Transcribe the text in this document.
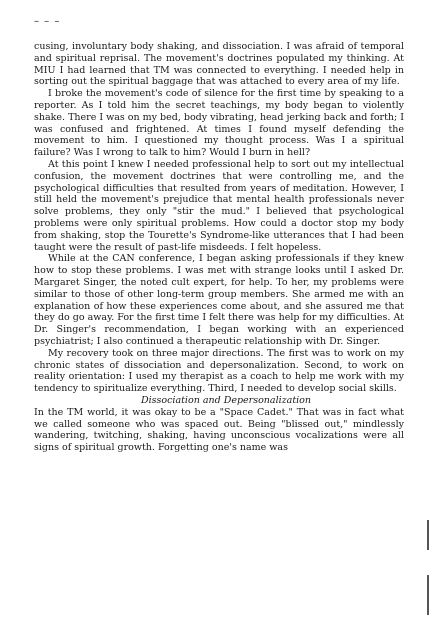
– – –

cusing, involuntary body shaking, and dissociation. I was afraid of temporal and spiritual reprisal. The movement's doctrines populated my thinking. At MIU I had learned that TM was connected to everything. I needed help in sorting out the spiritual baggage that was attached to every area of my life.

I broke the movement's code of silence for the first time by speaking to a reporter. As I told him the secret teachings, my body began to violently shake. There I was on my bed, body vibrating, head jerking back and forth; I was confused and frightened. At times I found myself defending the movement to him. I questioned my thought process. Was I a spiritual failure? Was I wrong to talk to him? Would I burn in hell?

At this point I knew I needed professional help to sort out my intellectual confusion, the movement doctrines that were controlling me, and the psychological difficulties that resulted from years of meditation. However, I still held the movement's prejudice that mental health professionals never solve problems, they only "stir the mud." I believed that psychological problems were only spiritual problems. How could a doctor stop my body from shaking, stop the Tourette's Syndrome-like utterances that I had been taught were the result of past-life misdeeds. I felt hopeless.

While at the CAN conference, I began asking professionals if they knew how to stop these problems. I was met with strange looks until I asked Dr. Margaret Singer, the noted cult expert, for help. To her, my problems were similar to those of other long-term group members. She armed me with an explanation of how these experiences come about, and she assured me that they do go away. For the first time I felt there was help for my difficulties. At Dr. Singer's recommendation, I began working with an experienced psychiatrist; I also continued a therapeutic relationship with Dr. Singer.

My recovery took on three major directions. The first was to work on my chronic states of dissociation and depersonalization. Second, to work on reality orientation: I used my therapist as a coach to help me work with my tendency to spiritualize everything. Third, I needed to develop social skills.

Dissociation and Depersonalization

In the TM world, it was okay to be a "Space Cadet." That was in fact what we called someone who was spaced out. Being "blissed out," mindlessly wandering, twitching, shaking, having unconscious vocalizations were all signs of spiritual growth. Forgetting one's name was
